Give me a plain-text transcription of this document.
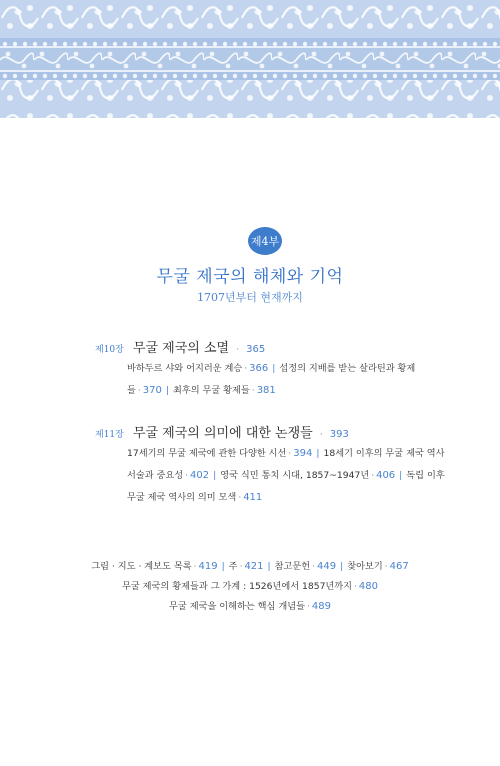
제4부
무굴 제국의 해체와 기억
1707년부터 현재까지
제10장 무굴 제국의 소멸 · 365
바하두르 샤와 어지러운 계승 · 366 | 섭정의 지배를 받는 살라틴과 황제
들 · 370 | 최후의 무굴 황제들 · 381
제11장 무굴 제국의 의미에 대한 논쟁들 · 393
17세기의 무굴 제국에 관한 다양한 시선 · 394 | 18세기 이후의 무굴 제국 역사
서술과 중요성 · 402 | 영국 식민 통치 시대, 1857~1947년 · 406 | 독립 이후
무굴 제국 역사의 의미 모색 · 411
그림 · 지도 · 계보도 목록 · 419 | 주 · 421 | 참고문헌 · 449 | 찾아보기 · 467
무굴 제국의 황제들과 그 가계 : 1526년에서 1857년까지 · 480
무굴 제국을 이해하는 핵심 개념들 · 489
